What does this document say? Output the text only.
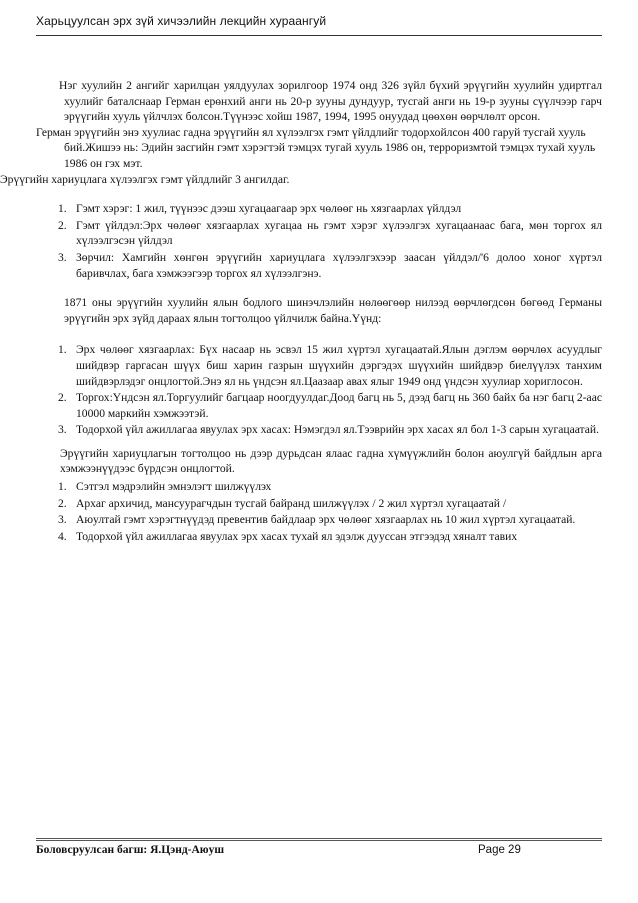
Харьцуулсан эрх зүй хичээлийн лекцийн хураангуй

Нэг хуулийн 2 ангийг харилцан уялдуулах зорилгоор 1974 онд 326 зүйл бүхий эрүүгийн хуулийн удиртгал хуулийг баталснаар Герман ерөнхий анги нь 20-р зууны дундуур, тусгай анги нь 19-р зууны сүүлчээр гарч эрүүгийн хууль үйлчлэх болсон.Түүнээс хойш 1987, 1994, 1995 онуудад цөөхөн өөрчлөлт орсон.

Герман эрүүгийн энэ хуулиас гадна эрүүгийн ял хүлээлгэх гэмт үйлдлийг тодорхойлсон 400 гаруй тусгай хууль бий.Жишээ нь: Эдийн засгийн гэмт хэрэгтэй тэмцэх тугай хууль 1986 он, терроризмтой тэмцэх тухай хууль 1986 он гэх мэт.

Эрүүгийн хариуцлага хүлээлгэх гэмт үйлдлийг 3 ангилдаг.

1. Гэмт хэрэг: 1 жил, түүнээс дээш хугацаагаар эрх чөлөөг нь хязгаарлах үйлдэл
2. Гэмт үйлдэл:Эрх чөлөөг хязгаарлах хугацаа нь гэмт хэрэг хүлээлгэх хугацаанаас бага, мөн торгох ял хүлээлгэсэн үйлдэл
3. Зөрчил: Хамгийн хөнгөн эрүүгийн хариуцлага хүлээлгэхээр заасан үйлдэл/'6 долоо хоног хүртэл баривчлах, бага хэмжээгээр торгох ял хүлээлгэнэ.

1871 оны эрүүгийн хуулийн ялын бодлого шинэчлэлийн нөлөөгөөр нилээд өөрчлөгдсөн бөгөөд Германы эрүүгийн эрх зүйд дараах ялын тогтолцоо үйлчилж байна.Үүнд:

1. Эрх чөлөөг хязгаарлах: Бүх насаар нь эсвэл 15 жил хүртэл хугацаатай.Ялын дэглэм өөрчлөх асуудлыг шийдвэр гаргасан шүүх биш харин газрын шүүхийн дэргэдэх шүүхийн шийдвэр биелүүлэх танхим шийдвэрлэдэг онцлогтой.Энэ ял нь үндсэн ял.Цаазаар авах ялыг 1949 онд үндсэн хуулиар хориглосон.
2. Торгох:Үндсэн ял.Торгуулийг багцаар ноогдуулдаг.Доод багц нь 5, дээд багц нь 360 байх ба нэг багц 2-аас 10000 маркийн хэмжээтэй.
3. Тодорхой үйл ажиллагаа явуулах эрх хасах: Нэмэгдэл ял.Тээврийн эрх хасах ял бол 1-3 сарын хугацаатай.

Эрүүгийн хариуцлагын тогтолцоо нь дээр дурьдсан ялаас гадна хүмүүжлийн болон аюулгүй байдлын арга хэмжээнүүдээс бүрдсэн онцлогтой.

1. Сэтгэл мэдрэлийн эмнэлэгт шилжүүлэх
2. Архаг архичид, мансуурагчдын тусгай байранд шилжүүлэх / 2 жил хүртэл хугацаатай /
3. Аюултай гэмт хэрэгтнүүдэд превентив байдлаар эрх чөлөөг хязгаарлах нь 10 жил хүртэл хугацаатай.
4. Тодорхой үйл ажиллагаа явуулах эрх хасах тухай ял эдэлж дууссан этгээдэд хяналт тавих
Боловсруулсан багш: Я.Цэнд-Аюуш	Page 29
